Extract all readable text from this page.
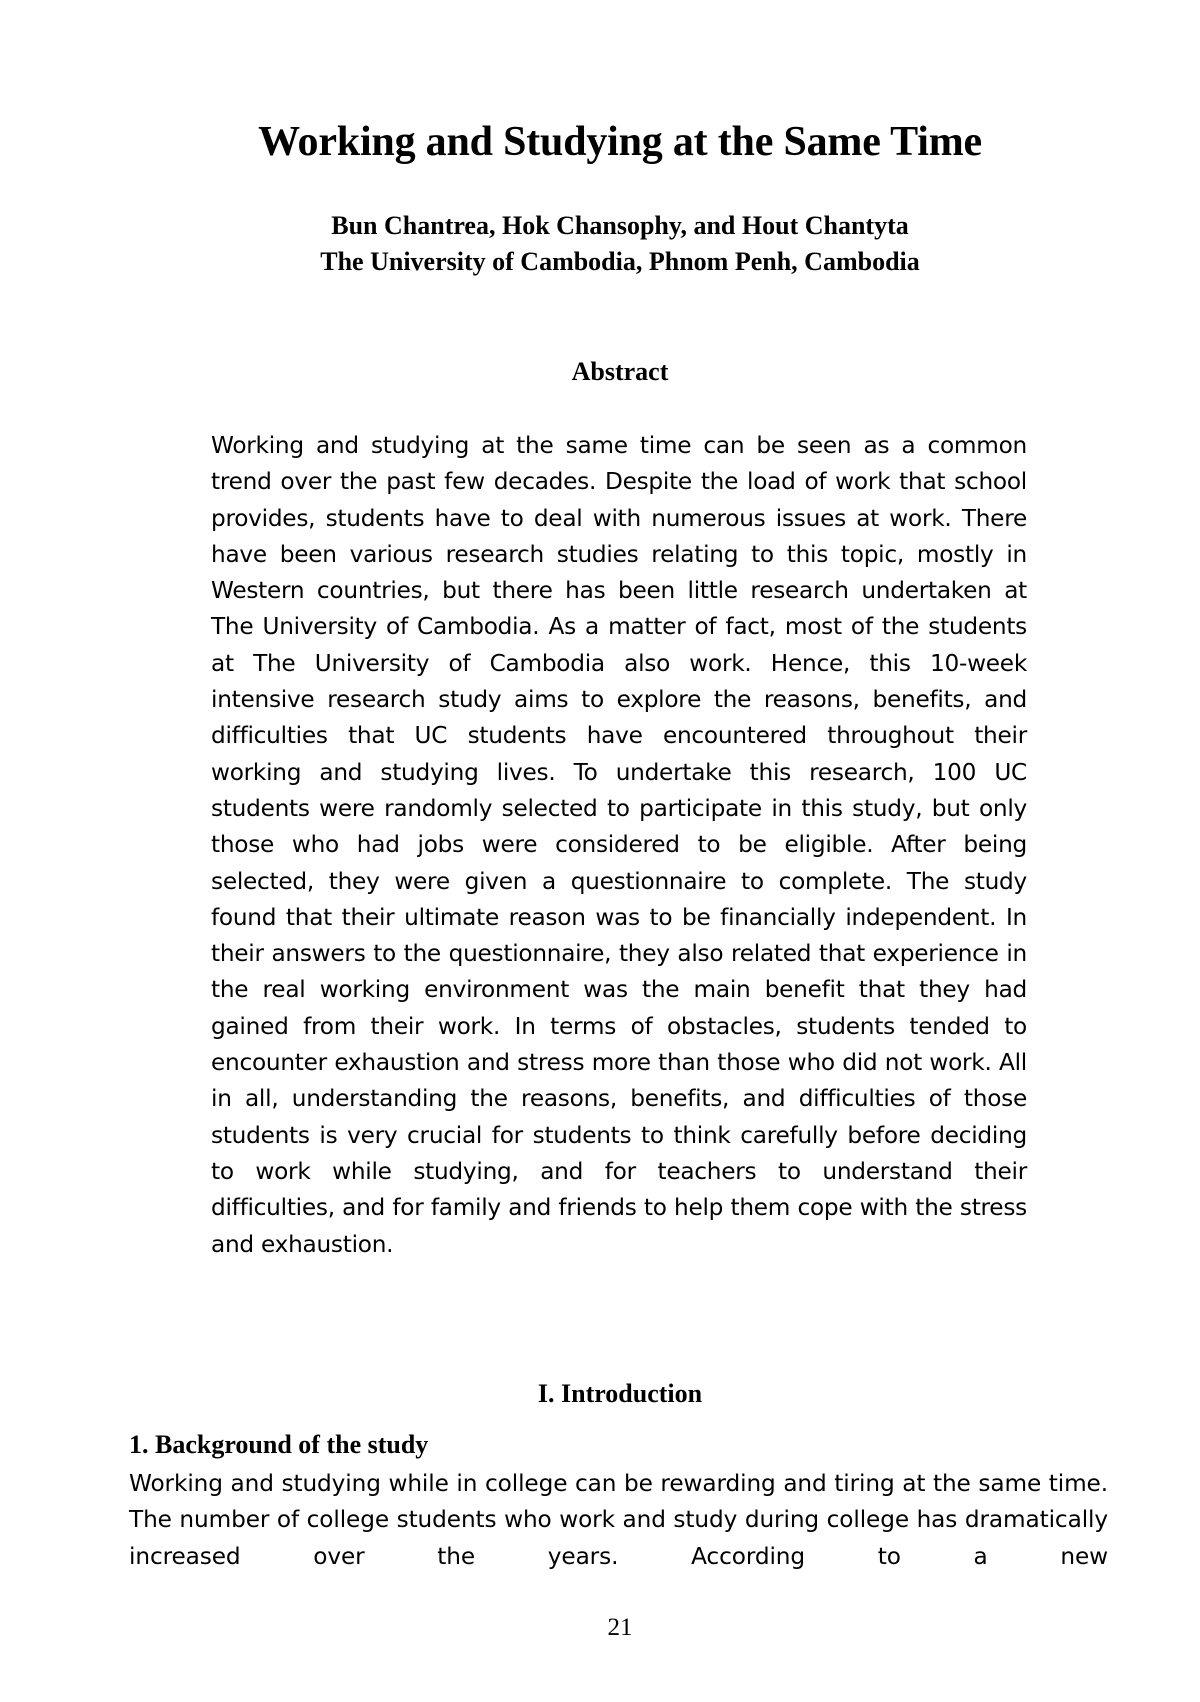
Working and Studying at the Same Time
Bun Chantrea, Hok Chansophy, and Hout Chantyta
The University of Cambodia, Phnom Penh, Cambodia
Abstract

Working and studying at the same time can be seen as a common trend over the past few decades. Despite the load of work that school provides, students have to deal with numerous issues at work. There have been various research studies relating to this topic, mostly in Western countries, but there has been little research undertaken at The University of Cambodia. As a matter of fact, most of the students at The University of Cambodia also work. Hence, this 10-week intensive research study aims to explore the reasons, benefits, and difficulties that UC students have encountered throughout their working and studying lives. To undertake this research, 100 UC students were randomly selected to participate in this study, but only those who had jobs were considered to be eligible. After being selected, they were given a questionnaire to complete. The study found that their ultimate reason was to be financially independent. In their answers to the questionnaire, they also related that experience in the real working environment was the main benefit that they had gained from their work. In terms of obstacles, students tended to encounter exhaustion and stress more than those who did not work. All in all, understanding the reasons, benefits, and difficulties of those students is very crucial for students to think carefully before deciding to work while studying, and for teachers to understand their difficulties, and for family and friends to help them cope with the stress and exhaustion.

I. Introduction
1. Background of the study

Working and studying while in college can be rewarding and tiring at the same time. The number of college students who work and study during college has dramatically increased over the years. According to a new

21
